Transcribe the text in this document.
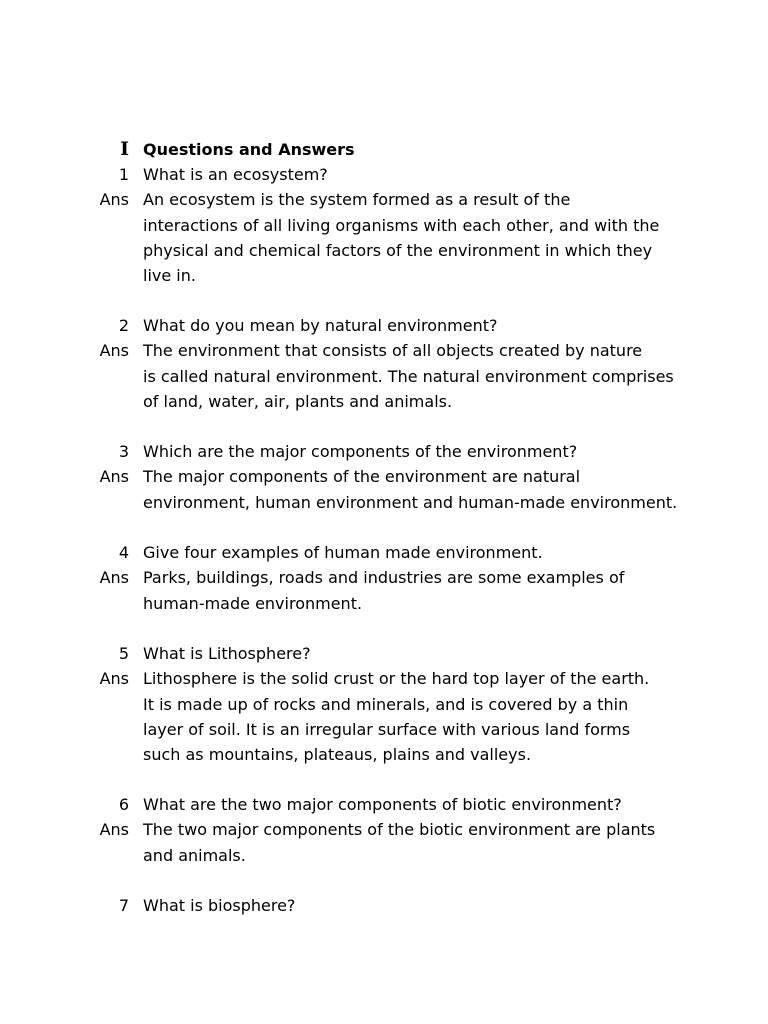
I Questions and Answers
1 What is an ecosystem?
Ans An ecosystem is the system formed as a result of the
interactions of all living organisms with each other, and with the
physical and chemical factors of the environment in which they
live in.
2 What do you mean by natural environment?
Ans The environment that consists of all objects created by nature
is called natural environment. The natural environment comprises
of land, water, air, plants and animals.
3 Which are the major components of the environment?
Ans The major components of the environment are natural
environment, human environment and human-made environment.
4 Give four examples of human made environment.
Ans Parks, buildings, roads and industries are some examples of
human-made environment.
5 What is Lithosphere?
Ans Lithosphere is the solid crust or the hard top layer of the earth.
It is made up of rocks and minerals, and is covered by a thin
layer of soil. It is an irregular surface with various land forms
such as mountains, plateaus, plains and valleys.
6 What are the two major components of biotic environment?
Ans The two major components of the biotic environment are plants
and animals.
7 What is biosphere?
